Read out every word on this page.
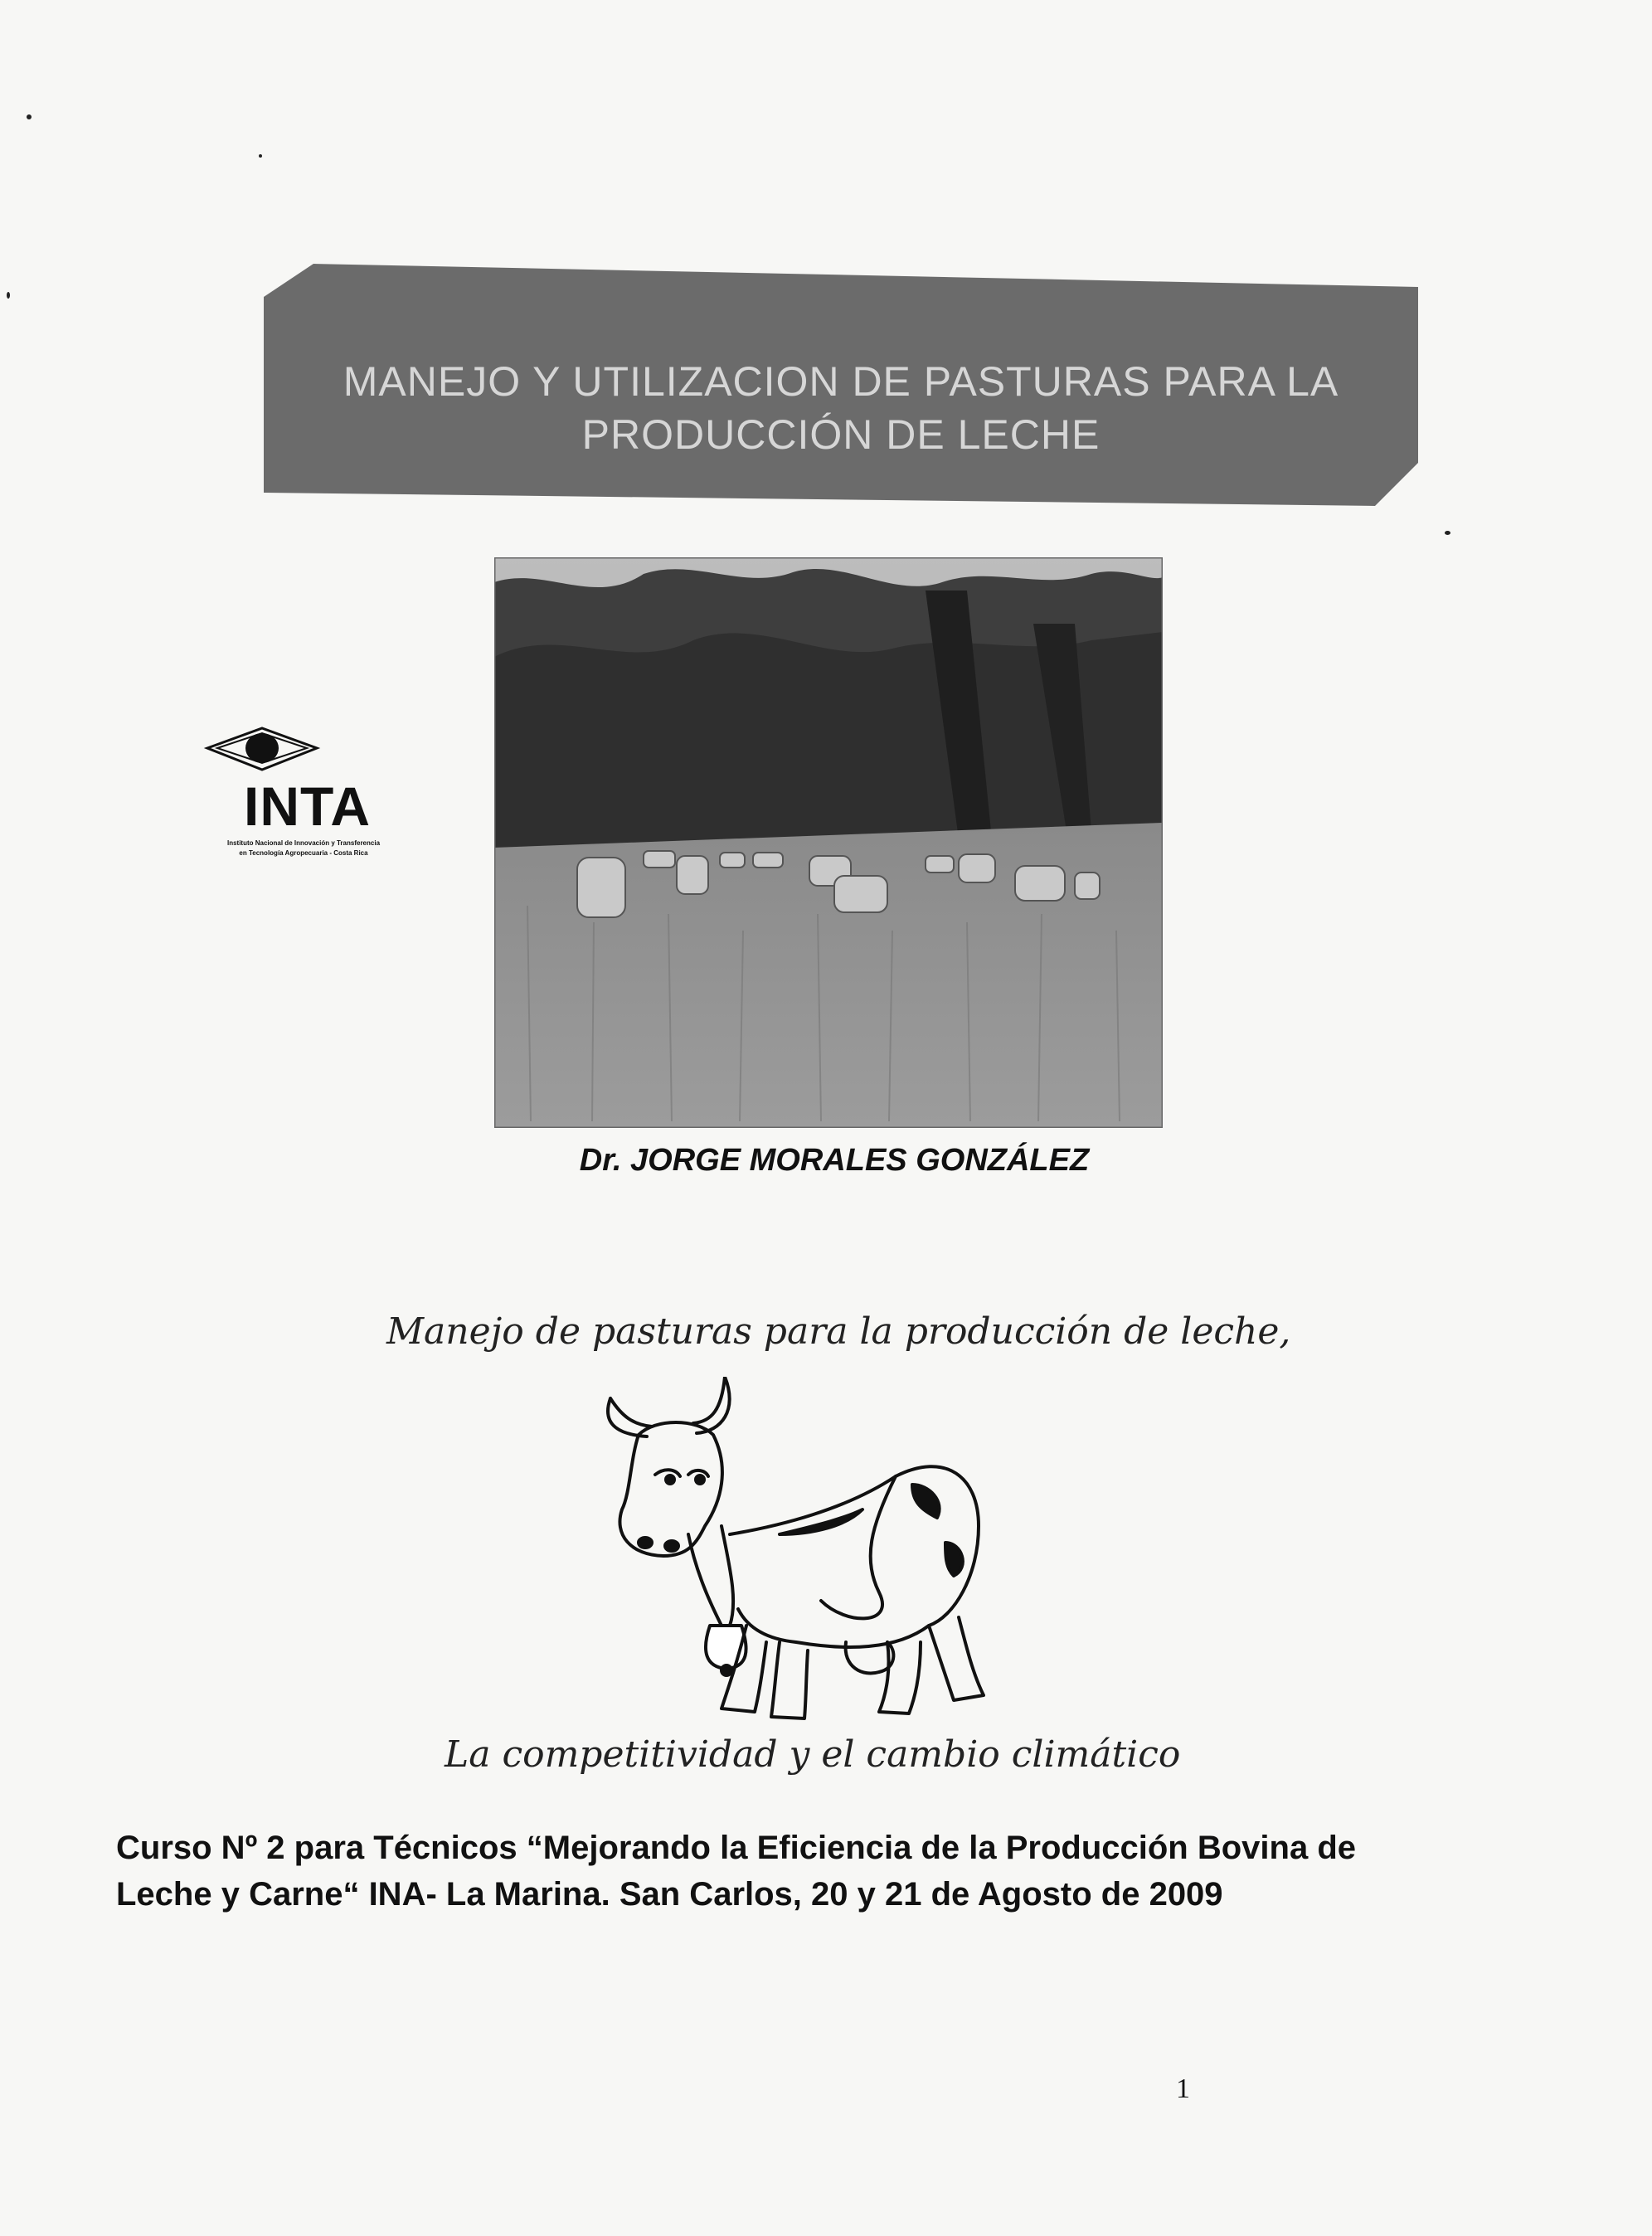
MANEJO Y UTILIZACION DE PASTURAS PARA LA
PRODUCCIÓN DE LECHE
INTA
Instituto Nacional de Innovación y Transferencia
en Tecnología Agropecuaria - Costa Rica
Dr. JORGE MORALES GONZÁLEZ
Manejo de pasturas para la producción de leche,
La competitividad y el cambio climático
Curso Nº 2 para Técnicos “Mejorando la Eficiencia de la Producción Bovina de
Leche y Carne“ INA- La Marina. San Carlos, 20 y 21 de Agosto de 2009
1
